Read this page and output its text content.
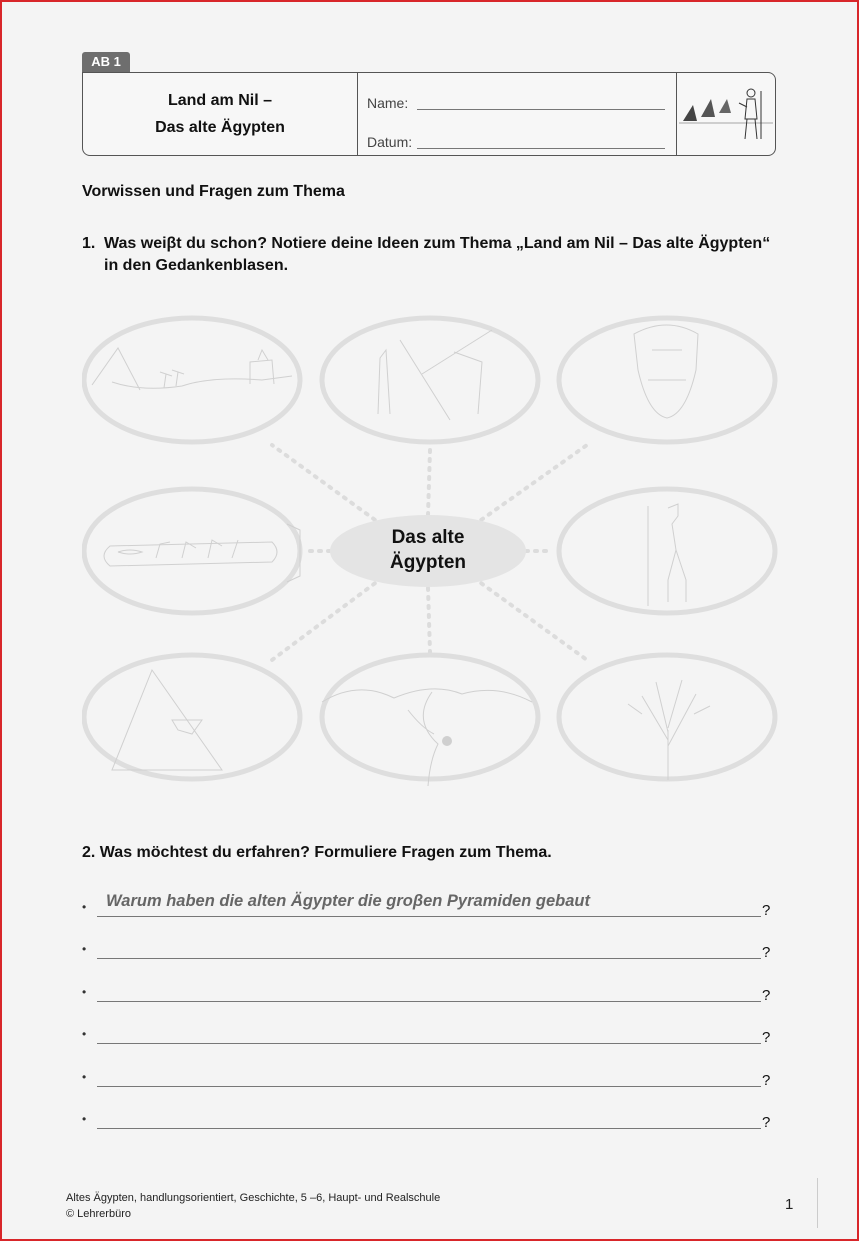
AB 1
Land am Nil –
Das alte Ägypten
Name:
Datum:
Vorwissen und Fragen zum Thema
1. Was weiβt du schon? Notiere deine Ideen zum Thema „Land am Nil – Das alte Ägypten“ in den Gedankenblasen.
Das alte
Ägypten
2. Was möchtest du erfahren? Formuliere Fragen zum Thema.
• Warum haben die alten Ägypter die groβen Pyramiden gebaut
?
•	?
•	?
•	?
•	?
•	?
Altes Ägypten, handlungsorientiert, Geschichte, 5 –6, Haupt- und Realschule
© Lehrerbüro
1
